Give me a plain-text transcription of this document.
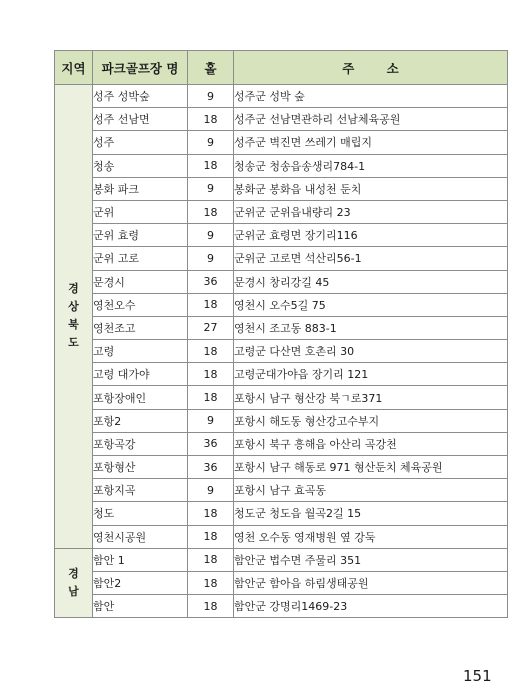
지역	파크골프장 명	홀	주 소

경
상
북
도	성주 성박숲	9	성주군 성박 숲
	성주 선남면	18	성주군 선남면관하리 선남체육공원
	성주	9	성주군 벽진면 쓰레기 매립지
	청송	18	청송군 청송읍송생리784-1
	봉화 파크	9	봉화군 봉화읍 내성천 둔치
	군위	18	군위군 군위읍내량리 23
	군위 효령	9	군위군 효령면 장기리116
	군위 고로	9	군위군 고로면 석산리56-1
	문경시	36	문경시 창리강길 45
	영천오수	18	영천시 오수5길 75
	영천조고	27	영천시 조고동 883-1
	고령	18	고령군 다산면 호촌리 30
	고령 대가야	18	고령군대가야읍 장기리 121
	포항장애인	18	포항시 남구 형산강 북ㄱ로371
	포항2	9	포항시 해도동 형산강고수부지
	포항곡강	36	포항시 북구 흥해읍 아산리 곡강천
	포항형산	36	포항시 남구 해동로 971 형산둔치 체육공원
	포항지곡	9	포항시 남구 효곡동
	청도	18	청도군 청도읍 월곡2길 15
	영천시공원	18	영천 오수동 영재병원 옆 강둑

경
남	함안 1	18	함안군 법수면 주물리 351
	함안2	18	함안군 함아읍 하림생태공원
	함안	18	함안군 강명리1469-23
151
